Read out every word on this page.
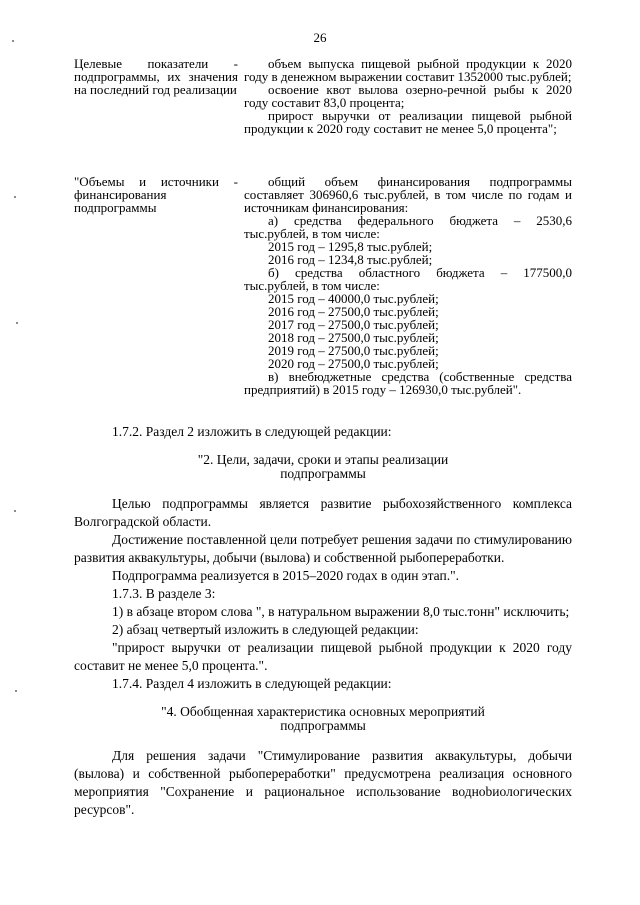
26
Целевые показатели - подпрограммы, их значения на последний год реализации

объем выпуска пищевой рыбной продукции к 2020 году в денежном выражении составит 1352000 тыс.рублей;

освоение квот вылова озерно-речной рыбы к 2020 году составит 83,0 процента;

прирост выручки от реализации пищевой рыбной продукции к 2020 году составит не менее 5,0 процента";

"Объемы и источники - финансирования подпрограммы

общий объем финансирования подпрограммы составляет 306960,6 тыс.рублей, в том числе по годам и источникам финансирования:

а) средства федерального бюджета – 2530,6 тыс.рублей, в том числе:

2015 год – 1295,8 тыс.рублей;

2016 год – 1234,8 тыс.рублей;

б) средства областного бюджета – 177500,0 тыс.рублей, в том числе:

2015 год – 40000,0 тыс.рублей;

2016 год – 27500,0 тыс.рублей;

2017 год – 27500,0 тыс.рублей;

2018 год – 27500,0 тыс.рублей;

2019 год – 27500,0 тыс.рублей;

2020 год – 27500,0 тыс.рублей;

в) внебюджетные средства (собственные средства предприятий) в 2015 году – 126930,0 тыс.рублей".

1.7.2. Раздел 2 изложить в следующей редакции:

"2. Цели, задачи, сроки и этапы реализации
подпрограммы

Целью подпрограммы является развитие рыбохозяйственного комплекса Волгоградской области.

Достижение поставленной цели потребует решения задачи по стимулированию развития аквакультуры, добычи (вылова) и собственной рыбопереработки.

Подпрограмма реализуется в 2015–2020 годах в один этап.".

1.7.3. В разделе 3:

1) в абзаце втором слова ", в натуральном выражении 8,0 тыс.тонн" исключить;

2) абзац четвертый изложить в следующей редакции:

"прирост выручки от реализации пищевой рыбной продукции к 2020 году составит не менее 5,0 процента.".

1.7.4. Раздел 4 изложить в следующей редакции:

"4. Обобщенная характеристика основных мероприятий
подпрограммы

Для решения задачи "Стимулирование развития аквакультуры, добычи (вылова) и собственной рыбопереработки" предусмотрена реализация основного мероприятия "Сохранение и рациональное использование водноbиологических ресурсов".
